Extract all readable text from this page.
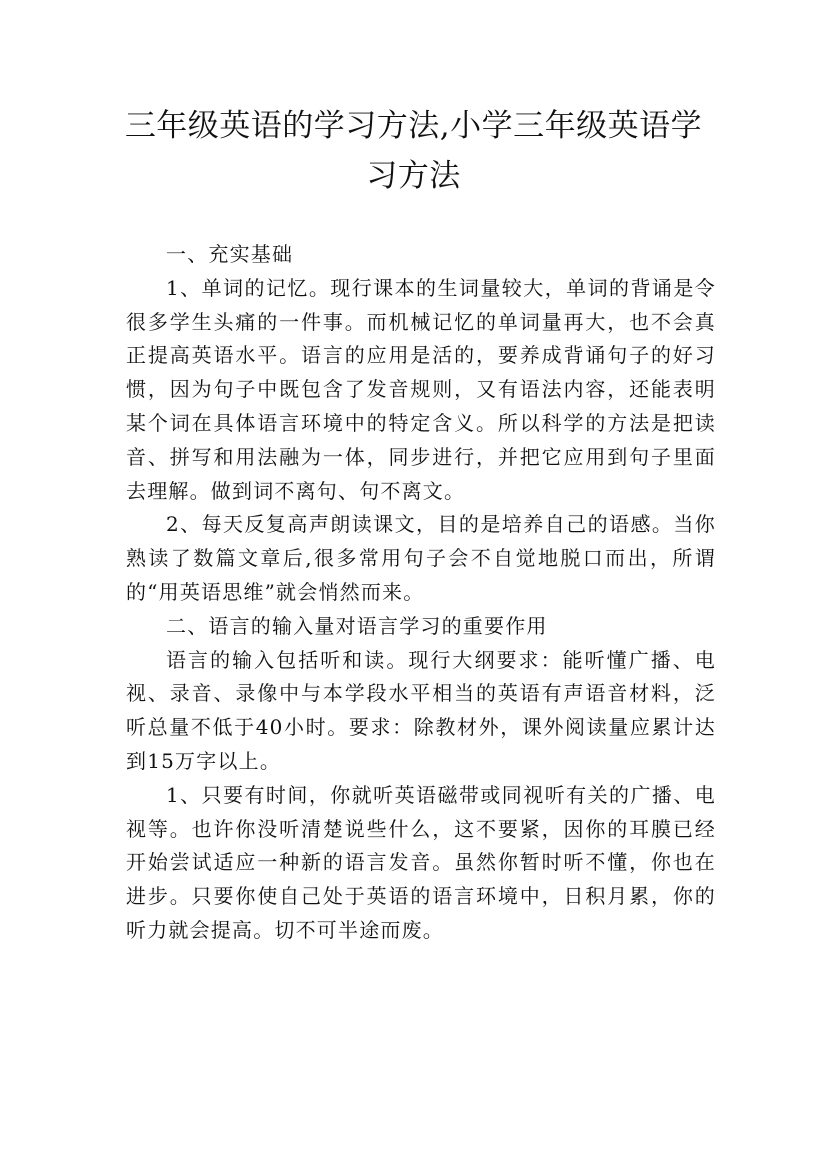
三年级英语的学习方法,小学三年级英语学习方法

一、充实基础

1、单词的记忆。现行课本的生词量较大，单词的背诵是令很多学生头痛的一件事。而机械记忆的单词量再大，也不会真正提高英语水平。语言的应用是活的，要养成背诵句子的好习惯，因为句子中既包含了发音规则，又有语法内容，还能表明某个词在具体语言环境中的特定含义。所以科学的方法是把读音、拼写和用法融为一体，同步进行，并把它应用到句子里面去理解。做到词不离句、句不离文。

2、每天反复高声朗读课文，目的是培养自己的语感。当你熟读了数篇文章后,很多常用句子会不自觉地脱口而出，所谓的“用英语思维”就会悄然而来。

二、语言的输入量对语言学习的重要作用

语言的输入包括听和读。现行大纲要求：能听懂广播、电视、录音、录像中与本学段水平相当的英语有声语音材料，泛听总量不低于40小时。要求：除教材外，课外阅读量应累计达到15万字以上。

1、只要有时间，你就听英语磁带或同视听有关的广播、电视等。也许你没听清楚说些什么，这不要紧，因你的耳膜已经开始尝试适应一种新的语言发音。虽然你暂时听不懂，你也在进步。只要你使自己处于英语的语言环境中，日积月累，你的听力就会提高。切不可半途而废。
